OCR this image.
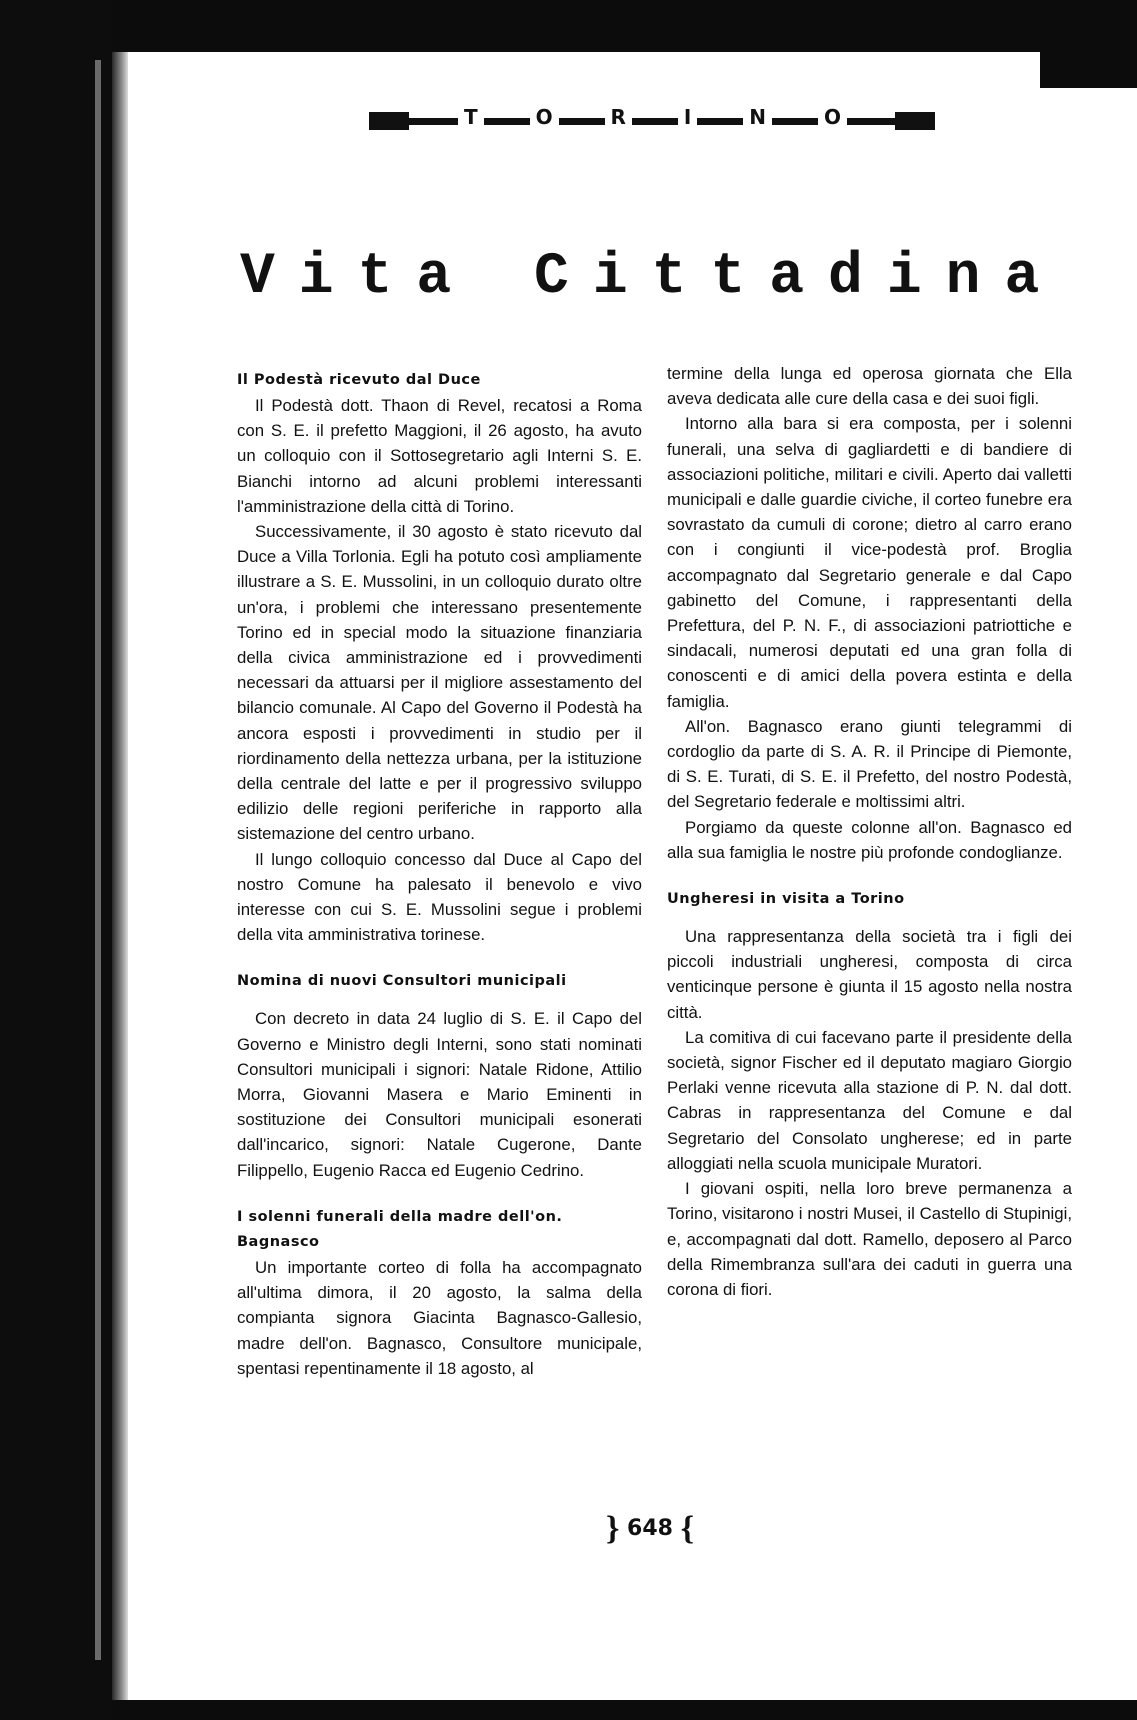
T	O	R	I	N	O
Vita Cittadina
Il Podestà ricevuto dal Duce

Il Podestà dott. Thaon di Revel, recatosi a Roma con S. E. il prefetto Maggioni, il 26 agosto, ha avuto un colloquio con il Sottosegretario agli Interni S. E. Bianchi intorno ad alcuni problemi interessanti l'amministrazione della città di Torino.

Successivamente, il 30 agosto è stato ricevuto dal Duce a Villa Torlonia. Egli ha potuto così ampliamente illustrare a S. E. Mussolini, in un colloquio durato oltre un'ora, i problemi che interessano presentemente Torino ed in special modo la situazione finanziaria della civica amministrazione ed i provvedimenti necessari da attuarsi per il migliore assestamento del bilancio comunale. Al Capo del Governo il Podestà ha ancora esposti i provvedimenti in studio per il riordinamento della nettezza urbana, per la istituzione della centrale del latte e per il progressivo sviluppo edilizio delle regioni periferiche in rapporto alla sistemazione del centro urbano.

Il lungo colloquio concesso dal Duce al Capo del nostro Comune ha palesato il benevolo e vivo interesse con cui S. E. Mussolini segue i problemi della vita amministrativa torinese.

Nomina di nuovi Consultori municipali

Con decreto in data 24 luglio di S. E. il Capo del Governo e Ministro degli Interni, sono stati nominati Consultori municipali i signori: Natale Ridone, Attilio Morra, Giovanni Masera e Mario Eminenti in sostituzione dei Consultori municipali esonerati dall'incarico, signori: Natale Cugerone, Dante Filippello, Eugenio Racca ed Eugenio Cedrino.

I solenni funerali della madre dell'on. Bagnasco

Un importante corteo di folla ha accompagnato all'ultima dimora, il 20 agosto, la salma della compianta signora Giacinta Bagnasco-Gallesio, madre dell'on. Bagnasco, Consultore municipale, spentasi repentinamente il 18 agosto, al

termine della lunga ed operosa giornata che Ella aveva dedicata alle cure della casa e dei suoi figli.

Intorno alla bara si era composta, per i solenni funerali, una selva di gagliardetti e di bandiere di associazioni politiche, militari e civili. Aperto dai valletti municipali e dalle guardie civiche, il corteo funebre era sovrastato da cumuli di corone; dietro al carro erano con i congiunti il vice-podestà prof. Broglia accompagnato dal Segretario generale e dal Capo gabinetto del Comune, i rappresentanti della Prefettura, del P. N. F., di associazioni patriottiche e sindacali, numerosi deputati ed una gran folla di conoscenti e di amici della povera estinta e della famiglia.

All'on. Bagnasco erano giunti telegrammi di cordoglio da parte di S. A. R. il Principe di Piemonte, di S. E. Turati, di S. E. il Prefetto, del nostro Podestà, del Segretario federale e moltissimi altri.

Porgiamo da queste colonne all'on. Bagnasco ed alla sua famiglia le nostre più profonde condoglianze.

Ungheresi in visita a Torino

Una rappresentanza della società tra i figli dei piccoli industriali ungheresi, composta di circa venticinque persone è giunta il 15 agosto nella nostra città.

La comitiva di cui facevano parte il presidente della società, signor Fischer ed il deputato magiaro Giorgio Perlaki venne ricevuta alla stazione di P. N. dal dott. Cabras in rappresentanza del Comune e dal Segretario del Consolato ungherese; ed in parte alloggiati nella scuola municipale Muratori.

I giovani ospiti, nella loro breve permanenza a Torino, visitarono i nostri Musei, il Castello di Stupinigi, e, accompagnati dal dott. Ramello, deposero al Parco della Rimembranza sull'ara dei caduti in guerra una corona di fiori.

} 648 {
